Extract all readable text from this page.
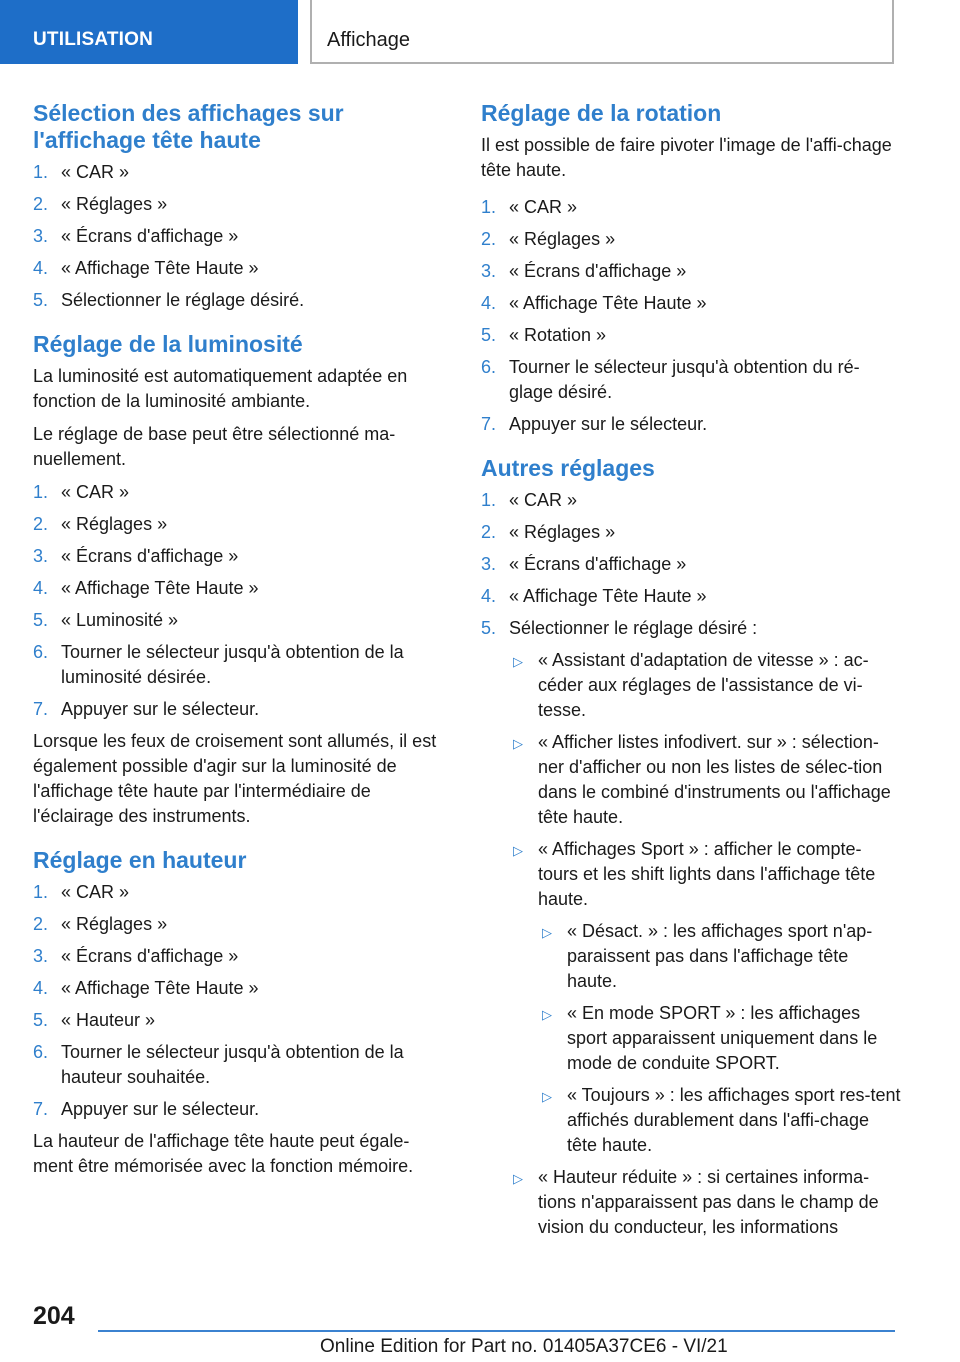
UTILISATION	Affichage
Sélection des affichages sur l'affichage tête haute
1. « CAR »
2. « Réglages »
3. « Écrans d'affichage »
4. « Affichage Tête Haute »
5. Sélectionner le réglage désiré.
Réglage de la luminosité

La luminosité est automatiquement adaptée en fonction de la luminosité ambiante.

Le réglage de base peut être sélectionné ma‐nuellement.

1. « CAR »
2. « Réglages »
3. « Écrans d'affichage »
4. « Affichage Tête Haute »
5. « Luminosité »
6. Tourner le sélecteur jusqu'à obtention de la luminosité désirée.
7. Appuyer sur le sélecteur.

Lorsque les feux de croisement sont allumés, il est également possible d'agir sur la luminosité de l'affichage tête haute par l'intermédiaire de l'éclairage des instruments.

Réglage en hauteur
1. « CAR »
2. « Réglages »
3. « Écrans d'affichage »
4. « Affichage Tête Haute »
5. « Hauteur »
6. Tourner le sélecteur jusqu'à obtention de la hauteur souhaitée.
7. Appuyer sur le sélecteur.

La hauteur de l'affichage tête haute peut égale‐ment être mémorisée avec la fonction mémoire.

Réglage de la rotation

Il est possible de faire pivoter l'image de l'affi‐chage tête haute.

1. « CAR »
2. « Réglages »
3. « Écrans d'affichage »
4. « Affichage Tête Haute »
5. « Rotation »
6. Tourner le sélecteur jusqu'à obtention du ré‐glage désiré.
7. Appuyer sur le sélecteur.
Autres réglages
1. « CAR »
2. « Réglages »
3. « Écrans d'affichage »
4. « Affichage Tête Haute »
5. Sélectionner le réglage désiré :
▷ « Assistant d'adaptation de vitesse » : ac‐céder aux réglages de l'assistance de vi‐tesse.
▷ « Afficher listes infodivert. sur » : sélection‐ner d'afficher ou non les listes de sélec‐tion dans le combiné d'instruments ou l'affichage tête haute.
▷ « Affichages Sport » : afficher le compte-tours et les shift lights dans l'affichage tête haute.
▷ « Désact. » : les affichages sport n'ap‐paraissent pas dans l'affichage tête haute.
▷ « En mode SPORT » : les affichages sport apparaissent uniquement dans le mode de conduite SPORT.
▷ « Toujours » : les affichages sport res‐tent affichés durablement dans l'affi‐chage tête haute.
▷ « Hauteur réduite » : si certaines informa‐tions n'apparaissent pas dans le champ de vision du conducteur, les informations
204
Online Edition for Part no. 01405A37CE6 - VI/21
